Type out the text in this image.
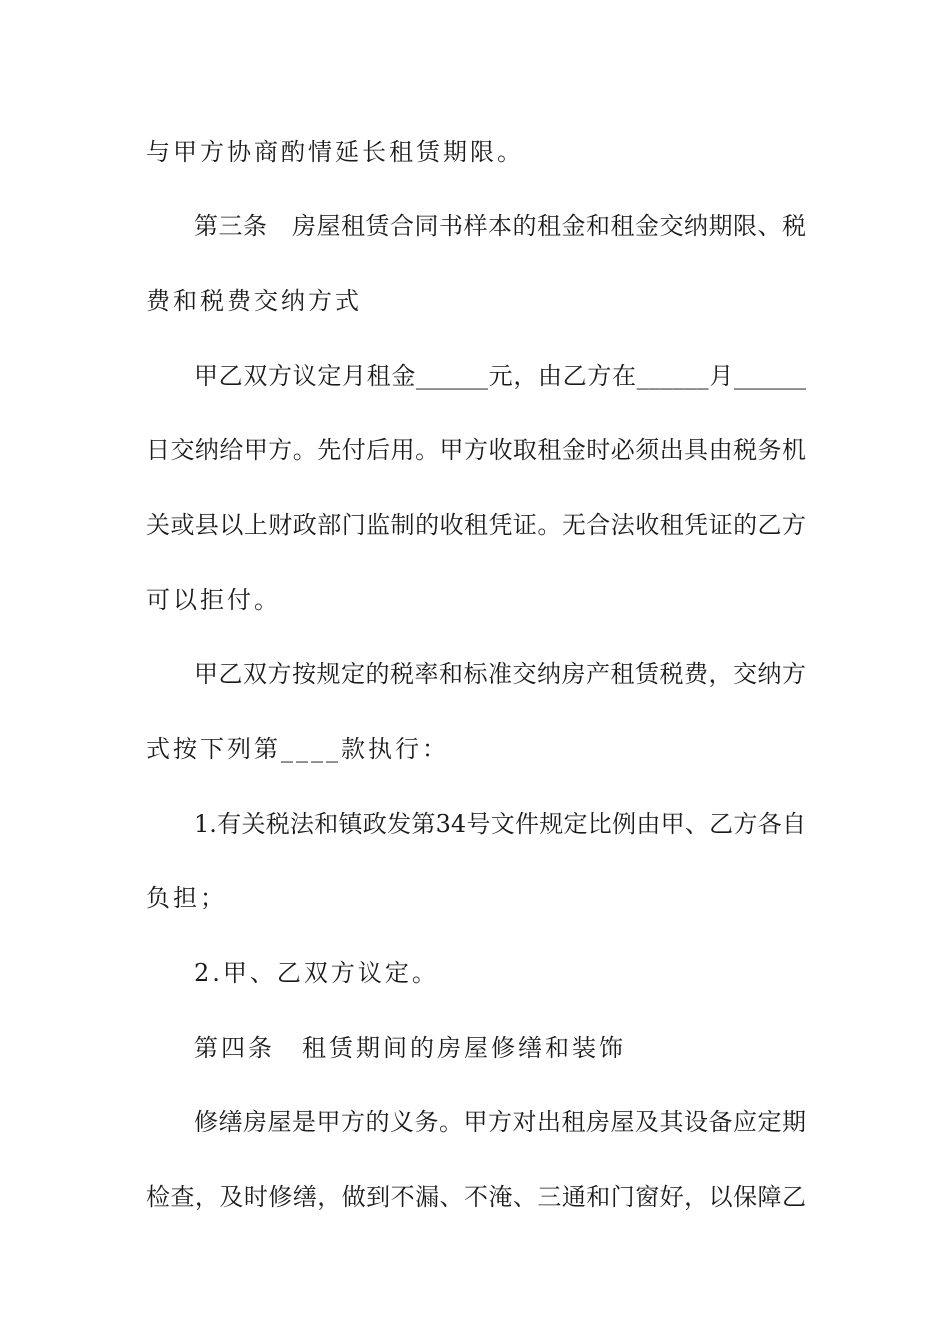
与甲方协商酌情延长租赁期限。
第三条　房屋租赁合同书样本的租金和租金交纳期限、税
费和税费交纳方式
甲乙双方议定月租金______元，由乙方在______月______
日交纳给甲方。先付后用。甲方收取租金时必须出具由税务机
关或县以上财政部门监制的收租凭证。无合法收租凭证的乙方
可以拒付。
甲乙双方按规定的税率和标准交纳房产租赁税费，交纳方
式按下列第____款执行：
1.有关税法和镇政发第34号文件规定比例由甲、乙方各自
负担；
2.甲、乙双方议定。
第四条　租赁期间的房屋修缮和装饰
修缮房屋是甲方的义务。甲方对出租房屋及其设备应定期
检查，及时修缮，做到不漏、不淹、三通和门窗好，以保障乙
